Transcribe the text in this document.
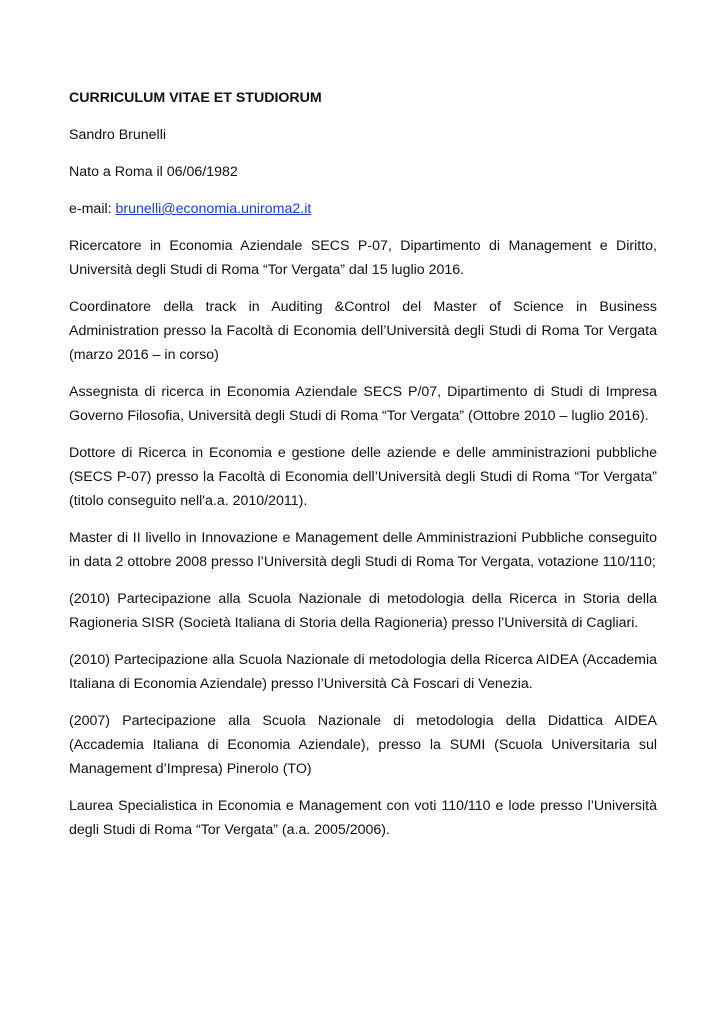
CURRICULUM VITAE ET STUDIORUM

Sandro Brunelli

Nato a Roma il 06/06/1982

e-mail: brunelli@economia.uniroma2.it

Ricercatore in Economia Aziendale SECS P-07, Dipartimento di Management e Diritto, Università degli Studi di Roma “Tor Vergata” dal 15 luglio 2016.

Coordinatore della track in Auditing &Control del Master of Science in Business Administration presso la Facoltà di Economia dell’Università degli Studi di Roma Tor Vergata (marzo 2016 – in corso)

Assegnista di ricerca in Economia Aziendale SECS P/07, Dipartimento di Studi di Impresa Governo Filosofia, Università degli Studi di Roma “Tor Vergata” (Ottobre 2010 – luglio 2016).

Dottore di Ricerca in Economia e gestione delle aziende e delle amministrazioni pubbliche (SECS P-07) presso la Facoltà di Economia dell’Università degli Studi di Roma “Tor Vergata” (titolo conseguito nell'a.a. 2010/2011).

Master di II livello in Innovazione e Management delle Amministrazioni Pubbliche conseguito in data 2 ottobre 2008 presso l’Università degli Studi di Roma Tor Vergata, votazione 110/110;

(2010) Partecipazione alla Scuola Nazionale di metodologia della Ricerca in Storia della Ragioneria SISR (Società Italiana di Storia della Ragioneria) presso l’Università di Cagliari.

(2010) Partecipazione alla Scuola Nazionale di metodologia della Ricerca AIDEA (Accademia Italiana di Economia Aziendale) presso l’Università Cà Foscari di Venezia.

(2007) Partecipazione alla Scuola Nazionale di metodologia della Didattica AIDEA (Accademia Italiana di Economia Aziendale), presso la SUMI (Scuola Universitaria sul Management d’Impresa) Pinerolo (TO)

Laurea Specialistica in Economia e Management con voti 110/110 e lode presso l’Università degli Studi di Roma “Tor Vergata” (a.a. 2005/2006).
